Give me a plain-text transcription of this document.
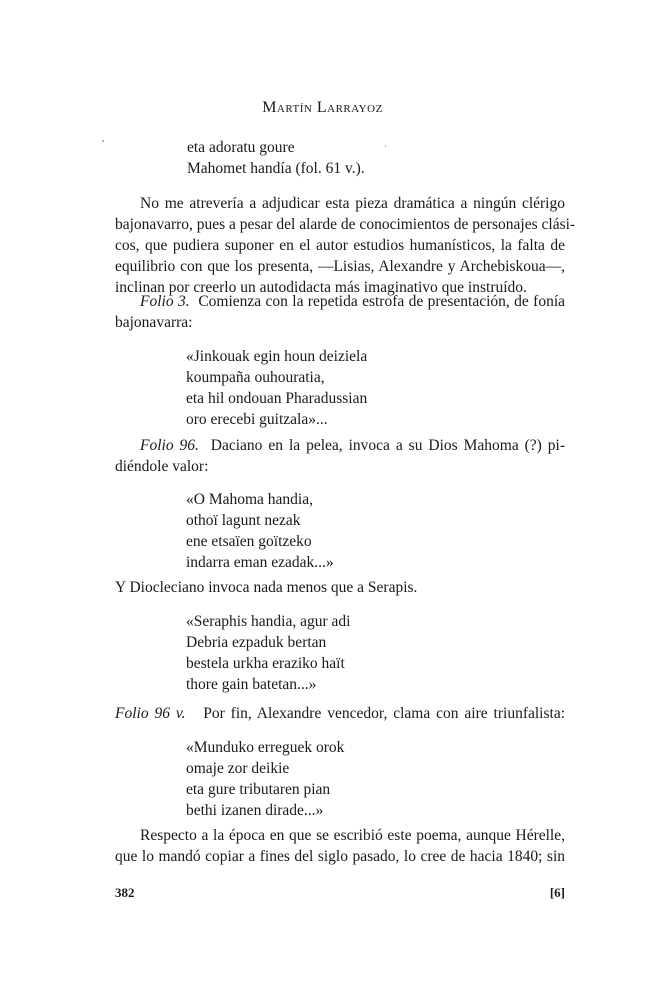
Martín Larrayoz
eta adoratu goure
Mahomet handía (fol. 61 v.).
No me atrevería a adjudicar esta pieza dramática a ningún clérigo
bajonavarro, pues a pesar del alarde de conocimientos de personajes clási-
cos, que pudiera suponer en el autor estudios humanísticos, la falta de
equilibrio con que los presenta, —Lisias, Alexandre y Archebiskoua—,
inclinan por creerlo un autodidacta más imaginativo que instruído.
Folio 3. Comienza con la repetida estrofa de presentación, de fonía
bajonavarra:
«Jinkouak egin houn deiziela
koumpaña ouhouratia,
eta hil ondouan Pharadussian
oro erecebi guitzala»...
Folio 96. Daciano en la pelea, invoca a su Dios Mahoma (?) pi-
diéndole valor:
«O Mahoma handia,
othoï lagunt nezak
ene etsaïen goïtzeko
indarra eman ezadak...»
Y Diocleciano invoca nada menos que a Serapis.
«Seraphis handia, agur adi
Debria ezpaduk bertan
bestela urkha eraziko haït
thore gain batetan...»
Folio 96 v. Por fin, Alexandre vencedor, clama con aire triunfalista:
«Munduko erreguek orok
omaje zor deikie
eta gure tributaren pian
bethi izanen dirade...»
Respecto a la época en que se escribió este poema, aunque Hérelle,
que lo mandó copiar a fines del siglo pasado, lo cree de hacia 1840; sin
382	[6]
